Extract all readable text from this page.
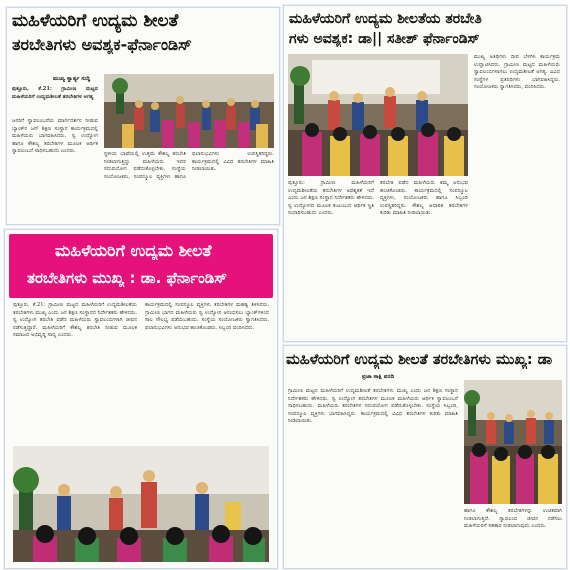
ಮಹಿಳೆಯರಿಗೆ ಉದ್ಯಮ ಶೀಲತೆ
ತರಬೇತಿಗಳು ಅವಶ್ಯಕ-ಫೆರ್ನಾಂಡಿಸ್
ಮುಖ್ಯ ಸ್ವಾರ್ತ್ಯ ಸುದ್ದಿ
ಪುತ್ತೂರು, ಕೆ.21: ಗ್ರಾಮೀಣ ಮಟ್ಟದ ಮಹಿಳೆಯರಿಗೆ ಉದ್ಯಮಶೀಲತೆ ತರಬೇತಿಗಳ ಅಗತ್ಯ
ಜನರಿಗೆ ಸ್ವಾವಲಂಬನೆಯ ಮಾರ್ಗದರ್ಶನ ನೀಡುವ ಬ್ಯಾಂಕ್‌ನ ಜನ್ ಶಿಕ್ಷಣ ಸಂಸ್ಥಾನ ಕಾರ್ಯಕ್ರಮದಲ್ಲಿ ಮಹಿಳೆಯರು ಭಾಗವಹಿಸಿದರು. ಸ್ವ ಉದ್ಯೋಗ ಹಾಗೂ ಕೌಶಲ್ಯ ತರಬೇತಿಗಳ ಮೂಲಕ ಆರ್ಥಿಕ ಸ್ವಾವಲಂಬನೆ ಸಾಧಿಸಬಹುದು ಎಂದರು.	ಸ್ಥಳೀಯ ಭಾಷೆಯಲ್ಲಿ ಉತ್ತಮ ಕೌಶಲ್ಯ ತರಬೇತಿ ನೀಡಲಾಗುತ್ತಿದ್ದು ಮಹಿಳೆಯರು ಇದರ ಸದುಪಯೋಗ ಪಡೆದುಕೊಳ್ಳಬೇಕು. ಸಂಸ್ಥೆಯ ಸಂಯೋಜಕರು, ಸಂಪನ್ಮೂಲ ವ್ಯಕ್ತಿಗಳು ಹಾಗೂ ಫಲಾನುಭವಿಗಳು ಉಪಸ್ಥಿತರಿದ್ದರು. ಕಾರ್ಯಕ್ರಮದಲ್ಲಿ ವಿವಿಧ ತರಬೇತಿಗಳ ಮಾಹಿತಿ ನೀಡಲಾಯಿತು.
ಮಹಿಳೆಯರಿಗೆ ಉದ್ಯಮ ಶೀಲತೆಯ ತರಬೇತಿ
ಗಳು ಅವಶ್ಯಕ: ಡಾ|| ಸತೀಶ್ ಫೆರ್ನಾಂಡಿಸ್
ಪುತ್ತೂರು: ಗ್ರಾಮೀಣ ಮಹಿಳೆಯರಿಗೆ ಉದ್ಯಮಶೀಲತೆಯ ತರಬೇತಿಗಳ ಅವಶ್ಯಕತೆ ಇದೆ ಎಂದು ಜನ ಶಿಕ್ಷಣ ಸಂಸ್ಥಾನ ನಿರ್ದೇಶಕರು ಹೇಳಿದರು. ಸ್ವ ಉದ್ಯೋಗದ ಮೂಲಕ ಕುಟುಂಬದ ಆರ್ಥಿಕ ಸ್ಥಿತಿ ಸುಧಾರಿಸಬಹುದು ಎಂದರು.
ತರಬೇತಿ ಪಡೆದ ಮಹಿಳೆಯರು ತಮ್ಮ ಅನುಭವ ಹಂಚಿಕೊಂಡರು. ಕಾರ್ಯಕ್ರಮದಲ್ಲಿ ಸಂಪನ್ಮೂಲ ವ್ಯಕ್ತಿಗಳು, ಸಂಯೋಜಕರು ಹಾಗೂ ಸಿಬ್ಬಂದಿ ಉಪಸ್ಥಿತರಿದ್ದರು. ಕೌಶಲ್ಯ ಆಧಾರಿತ ತರಬೇತಿಗಳ ಕುರಿತು ಮಾಹಿತಿ ನೀಡಲಾಯಿತು.
ಮುಖ್ಯ ಅತಿಥಿಗಳು ದೀಪ ಬೆಳಗಿಸಿ ಕಾರ್ಯಕ್ರಮ ಉದ್ಘಾಟಿಸಿದರು. ಗ್ರಾಮೀಣ ಮಟ್ಟದ ಮಹಿಳೆಯರು ಸ್ವಾವಲಂಬಿಗಳಾಗಲು ಉದ್ಯಮಶೀಲತೆ ಅಗತ್ಯ. ವಿವಿಧ ಸಂಸ್ಥೆಗಳ ಪ್ರತಿನಿಧಿಗಳು ಭಾಗವಹಿಸಿದ್ದರು. ಸಂಯೋಜಕರು ಸ್ವಾಗತಿಸಿದರು, ವಂದಿಸಿದರು.
ಮಹಿಳೆಯರಿಗೆ ಉದ್ಯಮ ಶೀಲತೆ
ತರಬೇತಿಗಳು ಮುಖ್ಯ : ಡಾ. ಫೆರ್ನಾಂಡಿಸ್
ಪುತ್ತೂರು, ಕೆ.21: ಗ್ರಾಮೀಣ ಮಟ್ಟದ ಮಹಿಳೆಯರಿಗೆ ಉದ್ಯಮಶೀಲತೆಯ ತರಬೇತಿಗಳು ಮುಖ್ಯ ಎಂದು ಜನ ಶಿಕ್ಷಣ ಸಂಸ್ಥಾನದ ನಿರ್ದೇಶಕರು ಹೇಳಿದರು. ಸ್ವ ಉದ್ಯೋಗ ತರಬೇತಿ ಪಡೆದ ಮಹಿಳೆಯರು ಸ್ವಾವಲಂಬಿಗಳಾಗಿ ಜೀವನ ನಡೆಸುತ್ತಿದ್ದಾರೆ. ಮಹಿಳೆಯರಿಗೆ ಕೌಶಲ್ಯ ತರಬೇತಿ ನೀಡುವ ಮೂಲಕ ಸಮಾಜದ ಅಭಿವೃದ್ಧಿ ಸಾಧ್ಯ ಎಂದರು.
ಕಾರ್ಯಕ್ರಮದಲ್ಲಿ ಸಂಪನ್ಮೂಲ ವ್ಯಕ್ತಿಗಳು ತರಬೇತಿಗಳ ಮಹತ್ವ ತಿಳಿಸಿದರು. ಗ್ರಾಮೀಣ ಭಾಗದ ಮಹಿಳೆಯರು ಸ್ವ ಉದ್ಯೋಗ ಆರಂಭಿಸಲು ಬ್ಯಾಂಕ್‌ಗಳಿಂದ ಸಾಲ ಸೌಲಭ್ಯ ಪಡೆಯಬಹುದು. ಸಂಸ್ಥೆಯ ಸಂಯೋಜಕರು ಸ್ವಾಗತಿಸಿದರು. ಫಲಾನುಭವಿಗಳು ಅನುಭವ ಹಂಚಿಕೊಂಡರು. ಸಿಬ್ಬಂದಿ ವಂದಿಸಿದರು.
ಮಹಿಳೆಯರಿಗೆ ಉದ್ಯಮ ಶೀಲತೆ ತರಬೇತಿಗಳು ಮುಖ್ಯ: ಡಾ
ಪ್ರಜಾ ಸಾಕ್ಷಿ ವರದಿ
ಗ್ರಾಮೀಣ ಮಟ್ಟದ ಮಹಿಳೆಯರಿಗೆ ಉದ್ಯಮಶೀಲತೆ ತರಬೇತಿಗಳು ಮುಖ್ಯ ಎಂದು ಜನ ಶಿಕ್ಷಣ ಸಂಸ್ಥಾನ ನಿರ್ದೇಶಕರು ಹೇಳಿದರು. ಸ್ವ ಉದ್ಯೋಗ ತರಬೇತಿಗಳ ಮೂಲಕ ಮಹಿಳೆಯರು ಆರ್ಥಿಕ ಸ್ವಾವಲಂಬನೆ ಸಾಧಿಸಬಹುದು. ಮಹಿಳೆಯರು ತರಬೇತಿಗಳ ಸದುಪಯೋಗ ಪಡೆದುಕೊಳ್ಳಬೇಕು. ಸಂಸ್ಥೆಯ ಸಿಬ್ಬಂದಿ, ಸಂಪನ್ಮೂಲ ವ್ಯಕ್ತಿಗಳು ಭಾಗವಹಿಸಿದ್ದರು. ಕಾರ್ಯಕ್ರಮದಲ್ಲಿ ವಿವಿಧ ತರಬೇತಿಗಳ ಕುರಿತು ಮಾಹಿತಿ ನೀಡಲಾಯಿತು.
ಹಾಗೂ ಕೌಶಲ್ಯ ತರಬೇತಿಗಳನ್ನು ಉಚಿತವಾಗಿ ನೀಡಲಾಗುತ್ತಿದೆ. ಸ್ವಾವಲಂಬಿ ಜೀವನ ನಡೆಸಲು ಮಹಿಳೆಯರಿಗೆ ಸಹಕಾರ ನೀಡಲಾಗುವುದು ಎಂದರು.
